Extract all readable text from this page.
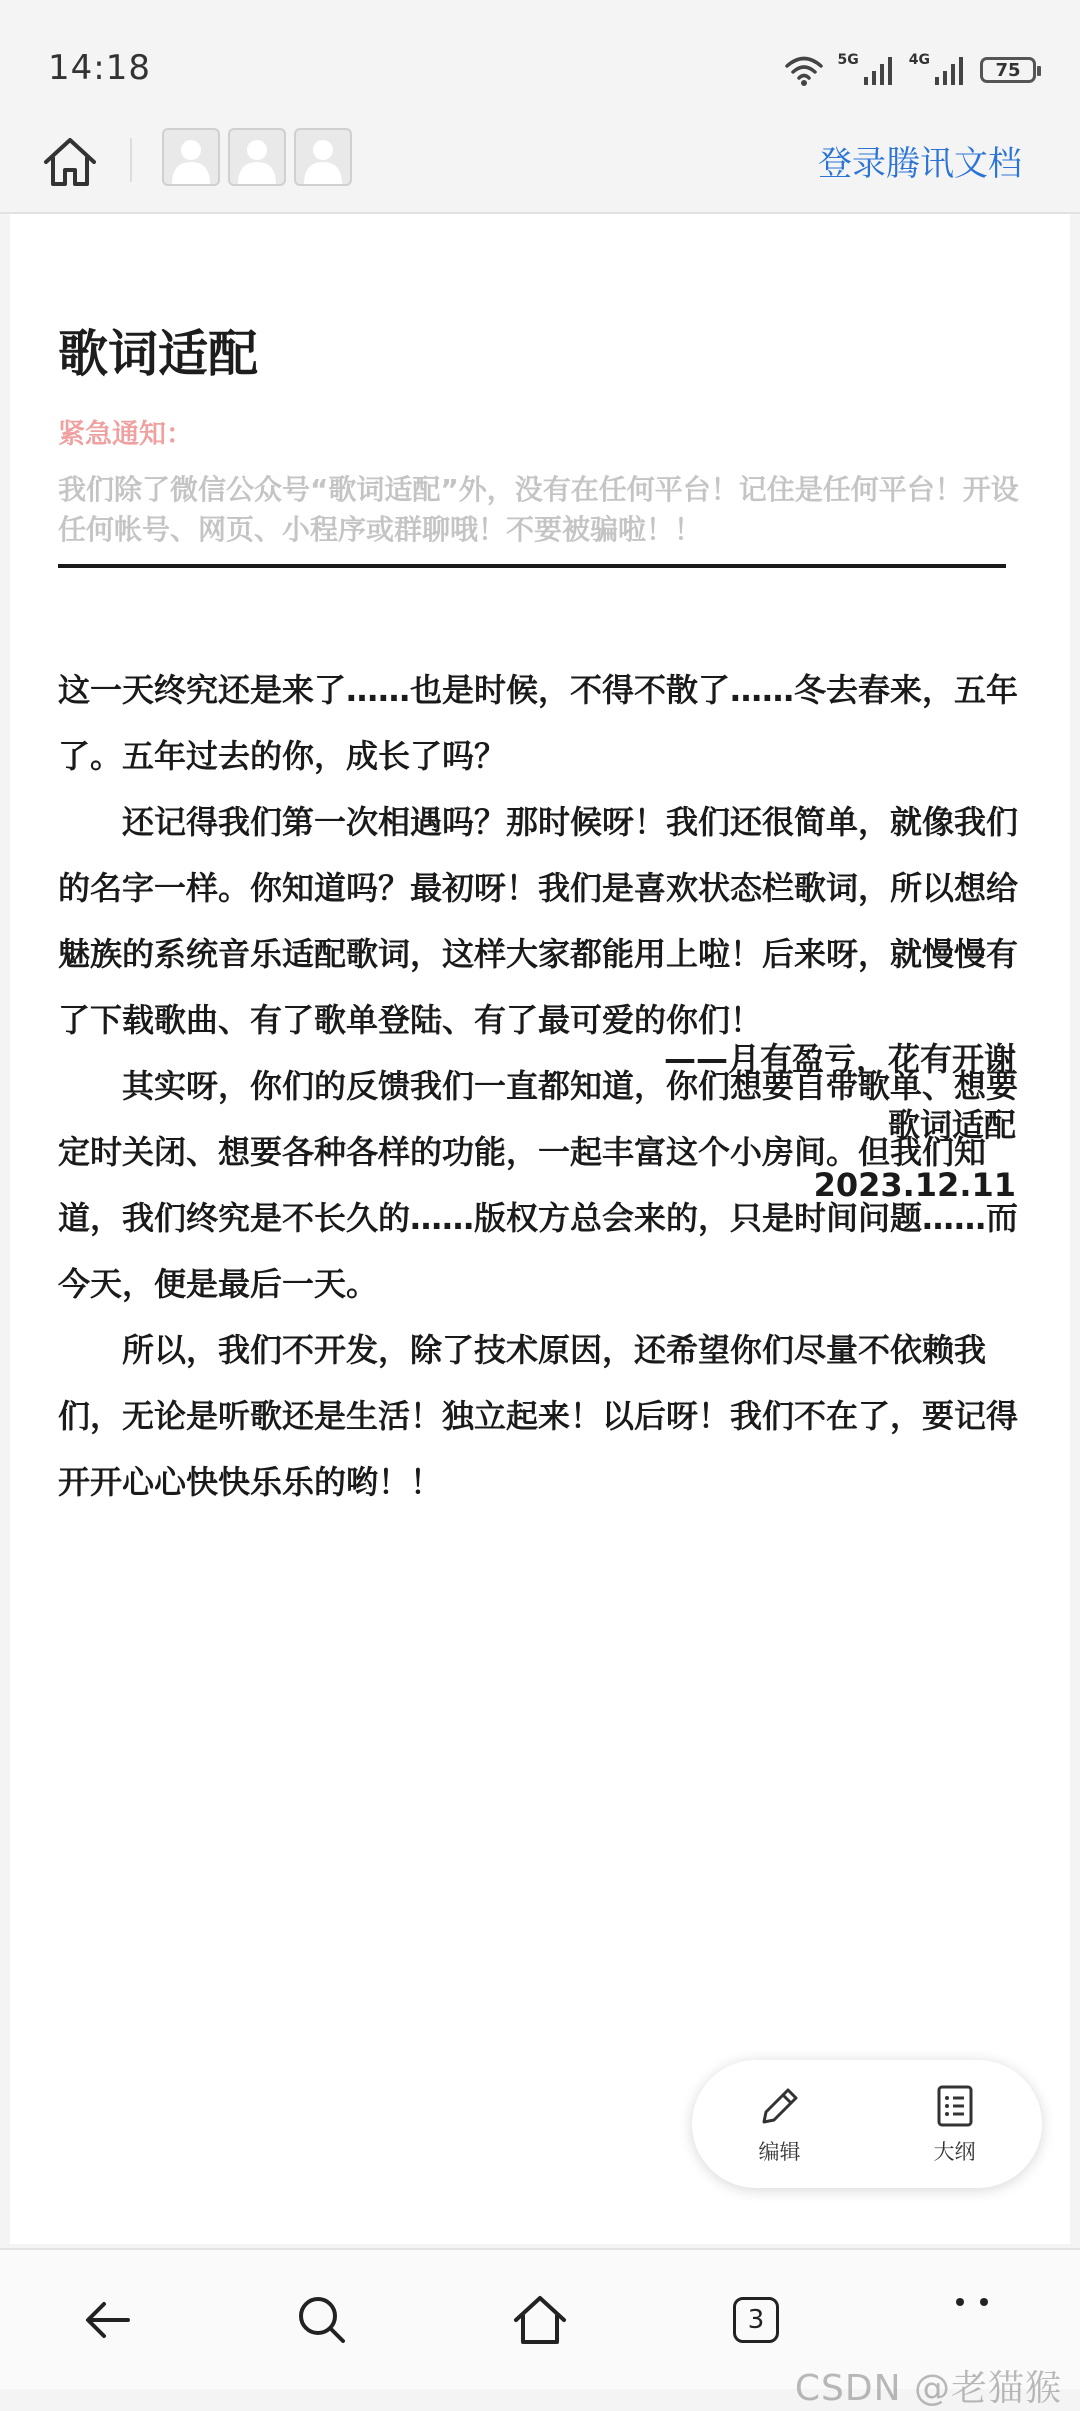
14:18	5G	4G	75
登录腾讯文档
歌词适配
紧急通知：
我们除了微信公众号“歌词适配”外，没有在任何平台！记住是任何平台！开设任何帐号、网页、小程序或群聊哦！不要被骗啦！！

这一天终究还是来了……也是时候，不得不散了……冬去春来，五年了。五年过去的你，成长了吗？

还记得我们第一次相遇吗？那时候呀！我们还很简单，就像我们的名字一样。你知道吗？最初呀！我们是喜欢状态栏歌词，所以想给魅族的系统音乐适配歌词，这样大家都能用上啦！后来呀，就慢慢有了下载歌曲、有了歌单登陆、有了最可爱的你们！

其实呀，你们的反馈我们一直都知道，你们想要自带歌单、想要定时关闭、想要各种各样的功能，一起丰富这个小房间。但我们知道，我们终究是不长久的……版权方总会来的，只是时间问题……而今天，便是最后一天。

所以，我们不开发，除了技术原因，还希望你们尽量不依赖我们，无论是听歌还是生活！独立起来！以后呀！我们不在了，要记得开开心心快快乐乐的哟！！

——月有盈亏，花有开谢
歌词适配
2023.12.11
编辑	大纲
3
CSDN @老猫猴
